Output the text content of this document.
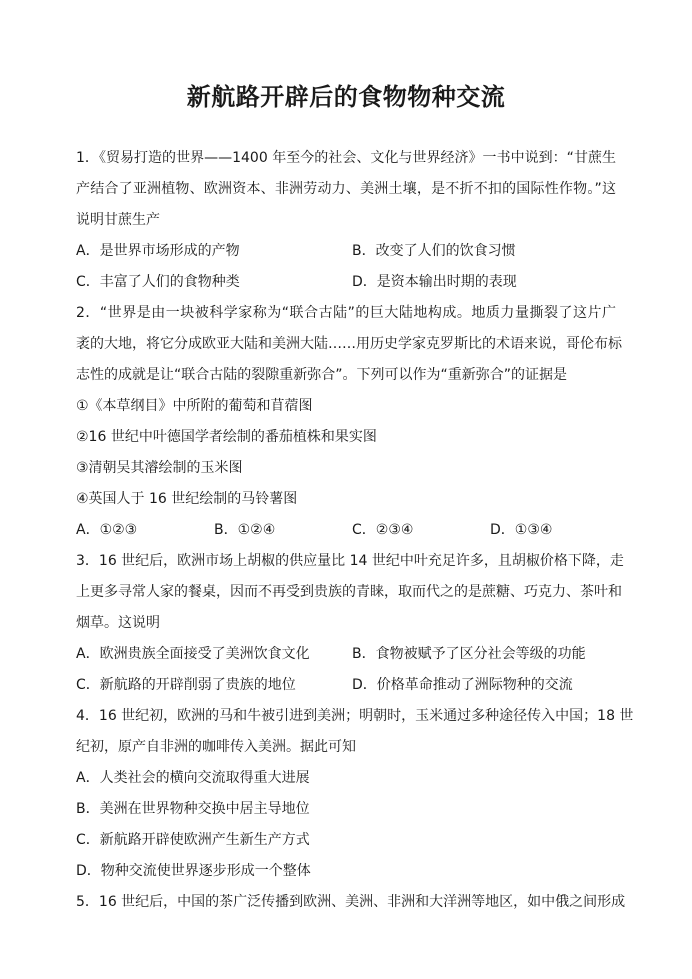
新航路开辟后的食物物种交流
1．《贸易打造的世界——1400 年至今的社会、文化与世界经济》一书中说到：“甘蔗生
产结合了亚洲植物、欧洲资本、非洲劳动力、美洲土壤，是不折不扣的国际性作物。”这
说明甘蔗生产
A．是世界市场形成的产物	B．改变了人们的饮食习惯
C．丰富了人们的食物种类	D．是资本输出时期的表现
2．“世界是由一块被科学家称为“联合古陆”的巨大陆地构成。地质力量撕裂了这片广
袤的大地，将它分成欧亚大陆和美洲大陆……用历史学家克罗斯比的术语来说，哥伦布标
志性的成就是让“联合古陆的裂隙重新弥合”。下列可以作为“重新弥合”的证据是
①《本草纲目》中所附的葡萄和苜蓿图
②16 世纪中叶德国学者绘制的番茄植株和果实图
③清朝吴其濬绘制的玉米图
④英国人于 16 世纪绘制的马铃薯图
A．①②③	B．①②④	C．②③④	D．①③④
3．16 世纪后，欧洲市场上胡椒的供应量比 14 世纪中叶充足许多，且胡椒价格下降，走
上更多寻常人家的餐桌，因而不再受到贵族的青睐，取而代之的是蔗糖、巧克力、茶叶和
烟草。这说明
A．欧洲贵族全面接受了美洲饮食文化	B．食物被赋予了区分社会等级的功能
C．新航路的开辟削弱了贵族的地位	D．价格革命推动了洲际物种的交流
4．16 世纪初，欧洲的马和牛被引进到美洲；明朝时，玉米通过多种途径传入中国；18 世
纪初，原产自非洲的咖啡传入美洲。据此可知
A．人类社会的横向交流取得重大进展
B．美洲在世界物种交换中居主导地位
C．新航路开辟使欧洲产生新生产方式
D．物种交流使世界逐步形成一个整体
5．16 世纪后，中国的茶广泛传播到欧洲、美洲、非洲和大洋洲等地区，如中俄之间形成
